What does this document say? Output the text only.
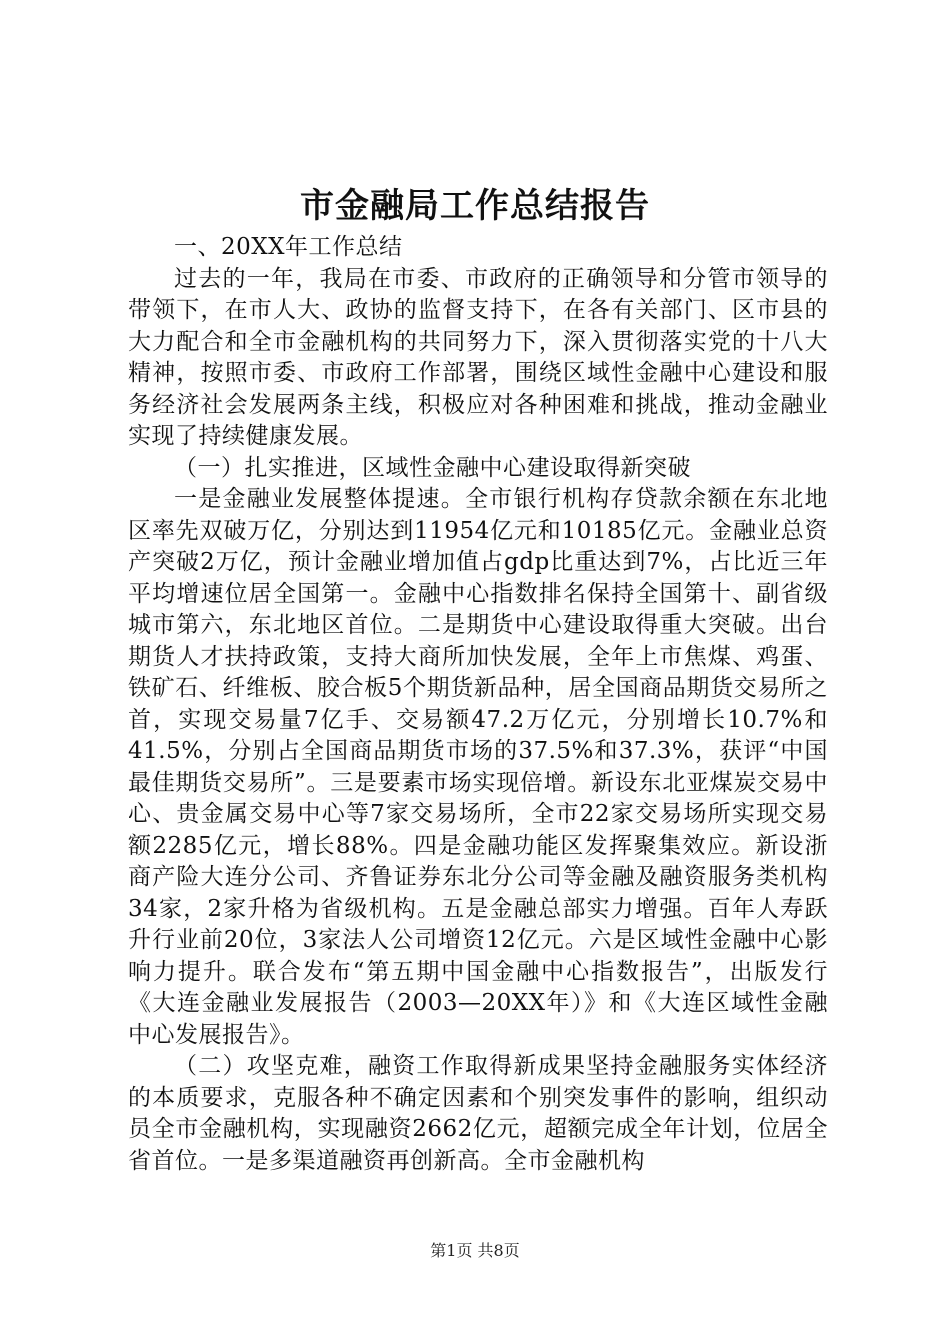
市金融局工作总结报告

一、20XX年工作总结

过去的一年，我局在市委、市政府的正确领导和分管市领导的带领下，在市人大、政协的监督支持下，在各有关部门、区市县的大力配合和全市金融机构的共同努力下，深入贯彻落实党的十八大精神，按照市委、市政府工作部署，围绕区域性金融中心建设和服务经济社会发展两条主线，积极应对各种困难和挑战，推动金融业实现了持续健康发展。

（一）扎实推进，区域性金融中心建设取得新突破

一是金融业发展整体提速。全市银行机构存贷款余额在东北地区率先双破万亿，分别达到11954亿元和10185亿元。金融业总资产突破2万亿，预计金融业增加值占gdp比重达到7%，占比近三年平均增速位居全国第一。金融中心指数排名保持全国第十、副省级城市第六，东北地区首位。二是期货中心建设取得重大突破。出台期货人才扶持政策，支持大商所加快发展，全年上市焦煤、鸡蛋、铁矿石、纤维板、胶合板5个期货新品种，居全国商品期货交易所之首，实现交易量7亿手、交易额47.2万亿元，分别增长10.7%和41.5%，分别占全国商品期货市场的37.5%和37.3%，获评“中国最佳期货交易所”。三是要素市场实现倍增。新设东北亚煤炭交易中心、贵金属交易中心等7家交易场所，全市22家交易场所实现交易额2285亿元，增长88%。四是金融功能区发挥聚集效应。新设浙商产险大连分公司、齐鲁证券东北分公司等金融及融资服务类机构34家，2家升格为省级机构。五是金融总部实力增强。百年人寿跃升行业前20位，3家法人公司增资12亿元。六是区域性金融中心影响力提升。联合发布“第五期中国金融中心指数报告”，出版发行《大连金融业发展报告（2003—20XX年）》和《大连区域性金融中心发展报告》。

（二）攻坚克难，融资工作取得新成果坚持金融服务实体经济的本质要求，克服各种不确定因素和个别突发事件的影响，组织动员全市金融机构，实现融资2662亿元，超额完成全年计划，位居全省首位。一是多渠道融资再创新高。全市金融机构

第1页 共8页
